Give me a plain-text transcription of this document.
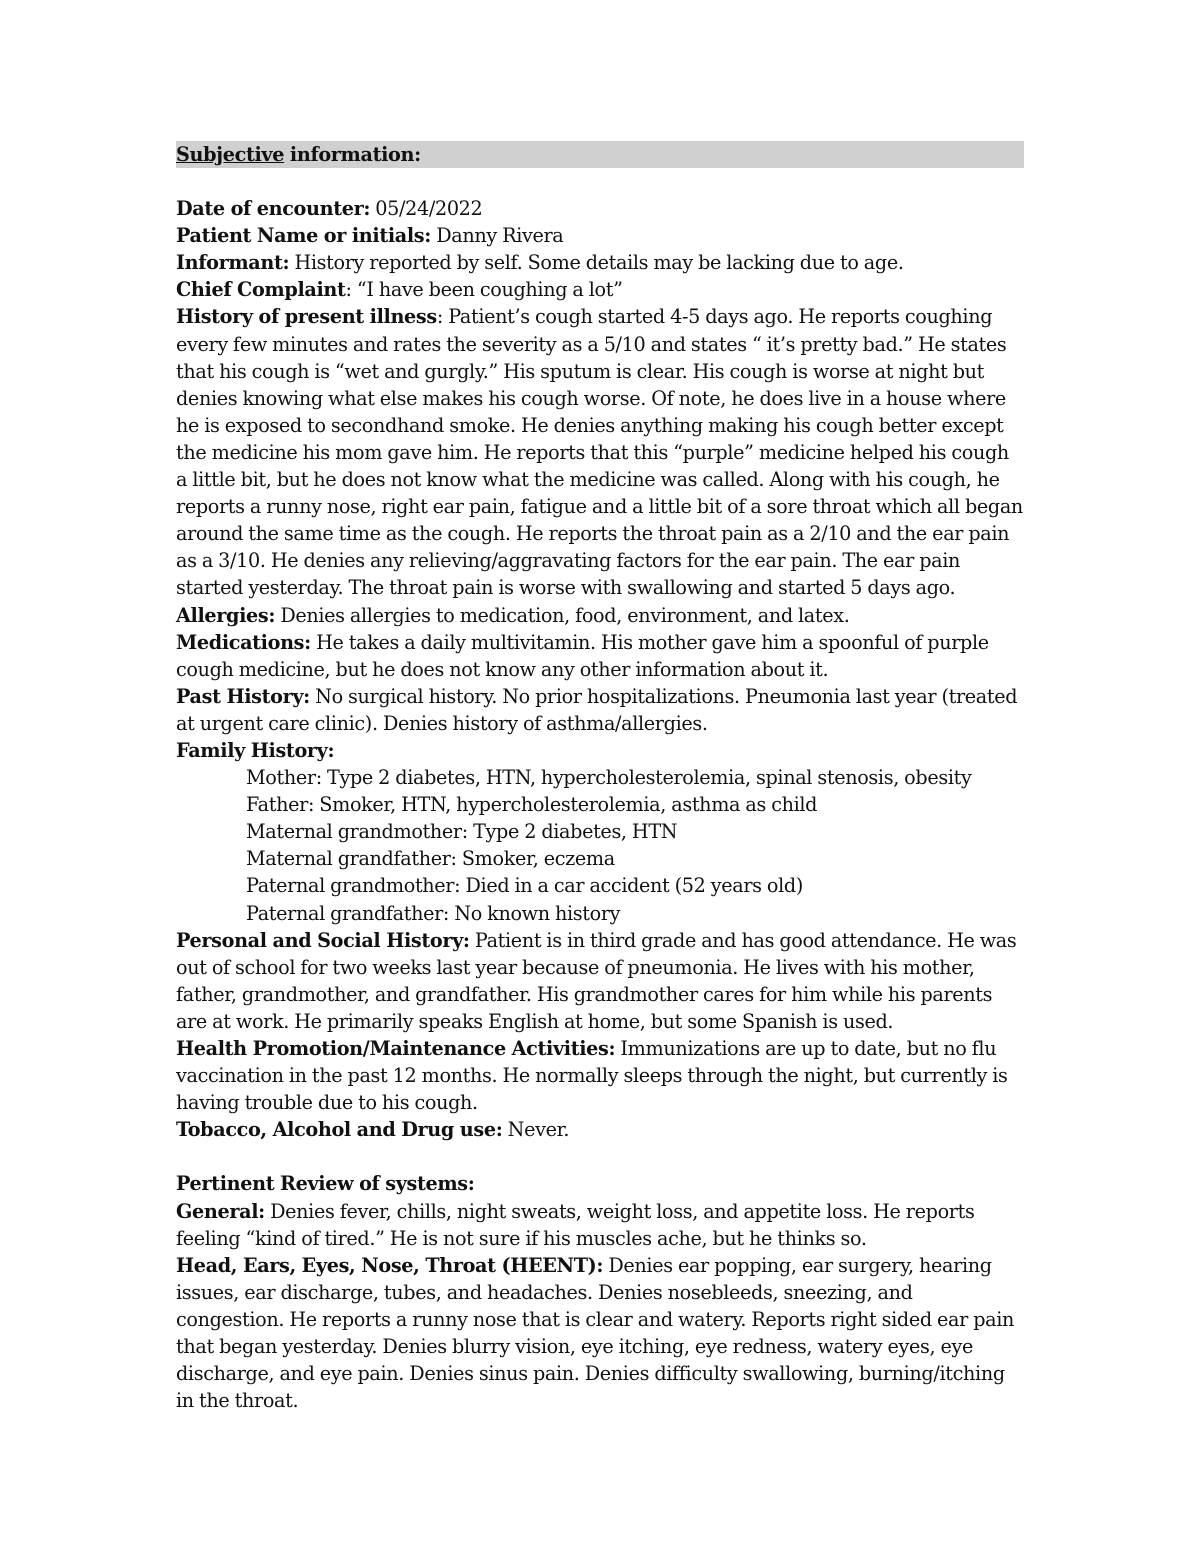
Subjective information:

Date of encounter: 05/24/2022

Patient Name or initials: Danny Rivera

Informant: History reported by self. Some details may be lacking due to age.

Chief Complaint: “I have been coughing a lot”

History of present illness: Patient’s cough started 4-5 days ago. He reports coughing every few minutes and rates the severity as a 5/10 and states “ it’s pretty bad.” He states that his cough is “wet and gurgly.” His sputum is clear. His cough is worse at night but denies knowing what else makes his cough worse. Of note, he does live in a house where he is exposed to secondhand smoke. He denies anything making his cough better except the medicine his mom gave him. He reports that this “purple” medicine helped his cough a little bit, but he does not know what the medicine was called. Along with his cough, he reports a runny nose, right ear pain, fatigue and a little bit of a sore throat which all began around the same time as the cough. He reports the throat pain as a 2/10 and the ear pain as a 3/10. He denies any relieving/aggravating factors for the ear pain. The ear pain started yesterday. The throat pain is worse with swallowing and started 5 days ago.

Allergies: Denies allergies to medication, food, environment, and latex.

Medications: He takes a daily multivitamin. His mother gave him a spoonful of purple cough medicine, but he does not know any other information about it.

Past History: No surgical history. No prior hospitalizations. Pneumonia last year (treated at urgent care clinic). Denies history of asthma/allergies.

Family History:

Mother: Type 2 diabetes, HTN, hypercholesterolemia, spinal stenosis, obesity

Father: Smoker, HTN, hypercholesterolemia, asthma as child

Maternal grandmother: Type 2 diabetes, HTN

Maternal grandfather: Smoker, eczema

Paternal grandmother: Died in a car accident (52 years old)

Paternal grandfather: No known history

Personal and Social History: Patient is in third grade and has good attendance. He was out of school for two weeks last year because of pneumonia. He lives with his mother, father, grandmother, and grandfather. His grandmother cares for him while his parents are at work. He primarily speaks English at home, but some Spanish is used.

Health Promotion/Maintenance Activities: Immunizations are up to date, but no flu vaccination in the past 12 months. He normally sleeps through the night, but currently is having trouble due to his cough.

Tobacco, Alcohol and Drug use: Never.

Pertinent Review of systems:

General: Denies fever, chills, night sweats, weight loss, and appetite loss. He reports feeling “kind of tired.” He is not sure if his muscles ache, but he thinks so.

Head, Ears, Eyes, Nose, Throat (HEENT): Denies ear popping, ear surgery, hearing issues, ear discharge, tubes, and headaches. Denies nosebleeds, sneezing, and congestion. He reports a runny nose that is clear and watery. Reports right sided ear pain that began yesterday. Denies blurry vision, eye itching, eye redness, watery eyes, eye discharge, and eye pain. Denies sinus pain. Denies difficulty swallowing, burning/itching in the throat.
